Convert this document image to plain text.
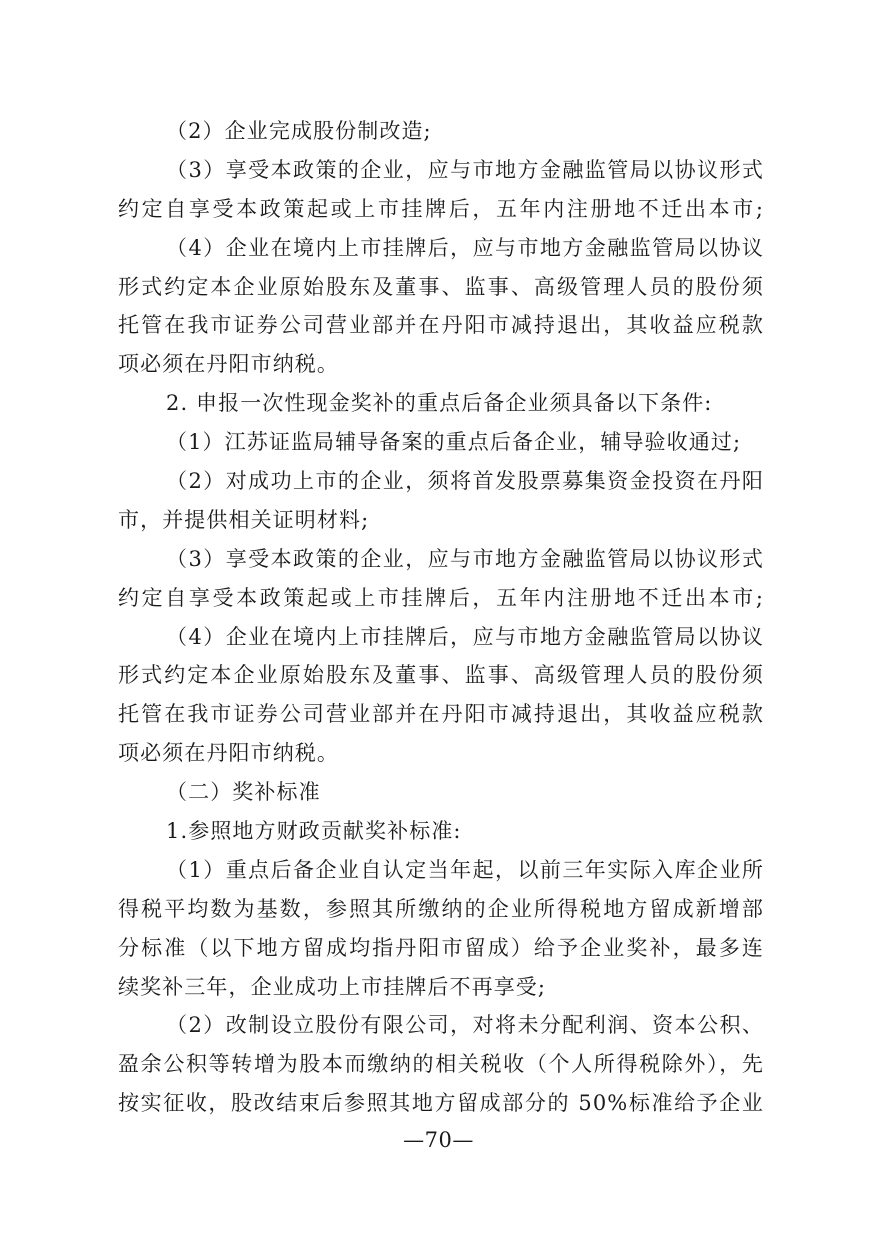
（2）企业完成股份制改造;
（3）享受本政策的企业，应与市地方金融监管局以协议形式
约定自享受本政策起或上市挂牌后，五年内注册地不迁出本市;
（4）企业在境内上市挂牌后，应与市地方金融监管局以协议
形式约定本企业原始股东及董事、监事、高级管理人员的股份须
托管在我市证券公司营业部并在丹阳市减持退出，其收益应税款
项必须在丹阳市纳税。
2. 申报一次性现金奖补的重点后备企业须具备以下条件:
（1）江苏证监局辅导备案的重点后备企业，辅导验收通过;
（2）对成功上市的企业，须将首发股票募集资金投资在丹阳
市，并提供相关证明材料;
（3）享受本政策的企业，应与市地方金融监管局以协议形式
约定自享受本政策起或上市挂牌后，五年内注册地不迁出本市;
（4）企业在境内上市挂牌后，应与市地方金融监管局以协议
形式约定本企业原始股东及董事、监事、高级管理人员的股份须
托管在我市证券公司营业部并在丹阳市减持退出，其收益应税款
项必须在丹阳市纳税。
（二）奖补标准
1.参照地方财政贡献奖补标准:
（1）重点后备企业自认定当年起，以前三年实际入库企业所
得税平均数为基数，参照其所缴纳的企业所得税地方留成新增部
分标准（以下地方留成均指丹阳市留成）给予企业奖补，最多连
续奖补三年，企业成功上市挂牌后不再享受;
（2）改制设立股份有限公司，对将未分配利润、资本公积、
盈余公积等转增为股本而缴纳的相关税收（个人所得税除外），先
按实征收，股改结束后参照其地方留成部分的 50%标准给予企业
—70—
